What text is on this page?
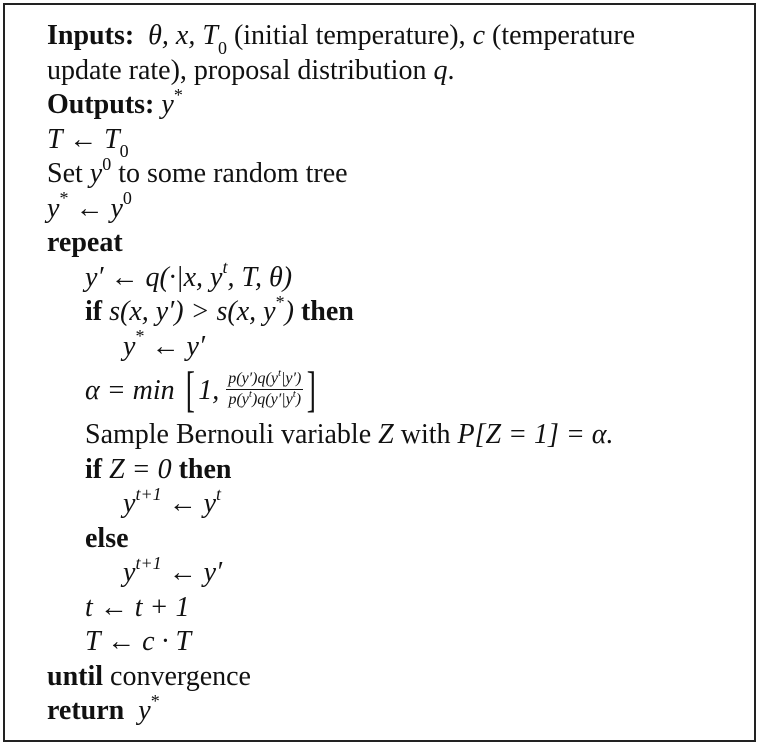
Inputs: θ, x, $T_0$ (initial temperature), c (temperature
update rate), proposal distribution q.
Outputs: y*
T ← $T_0$
Set $y^0$ to some random tree
y* ← $y^0$
repeat
y′ ← q(·|x, $y^t$, T, θ)
if s(x, y′) > s(x, y*) then
y* ← y′
α = min [ 1, $\frac{p(y')q(y^t|y')}{p(y^t)q(y'|y^t)}$ ]
Sample Bernouli variable Z with P[Z = 1] = α.
if Z = 0 then
$y^{t+1}$ ← $y^t$
else
$y^{t+1}$ ← y′
t ← t + 1
T ← c · T
until convergence
return y*
